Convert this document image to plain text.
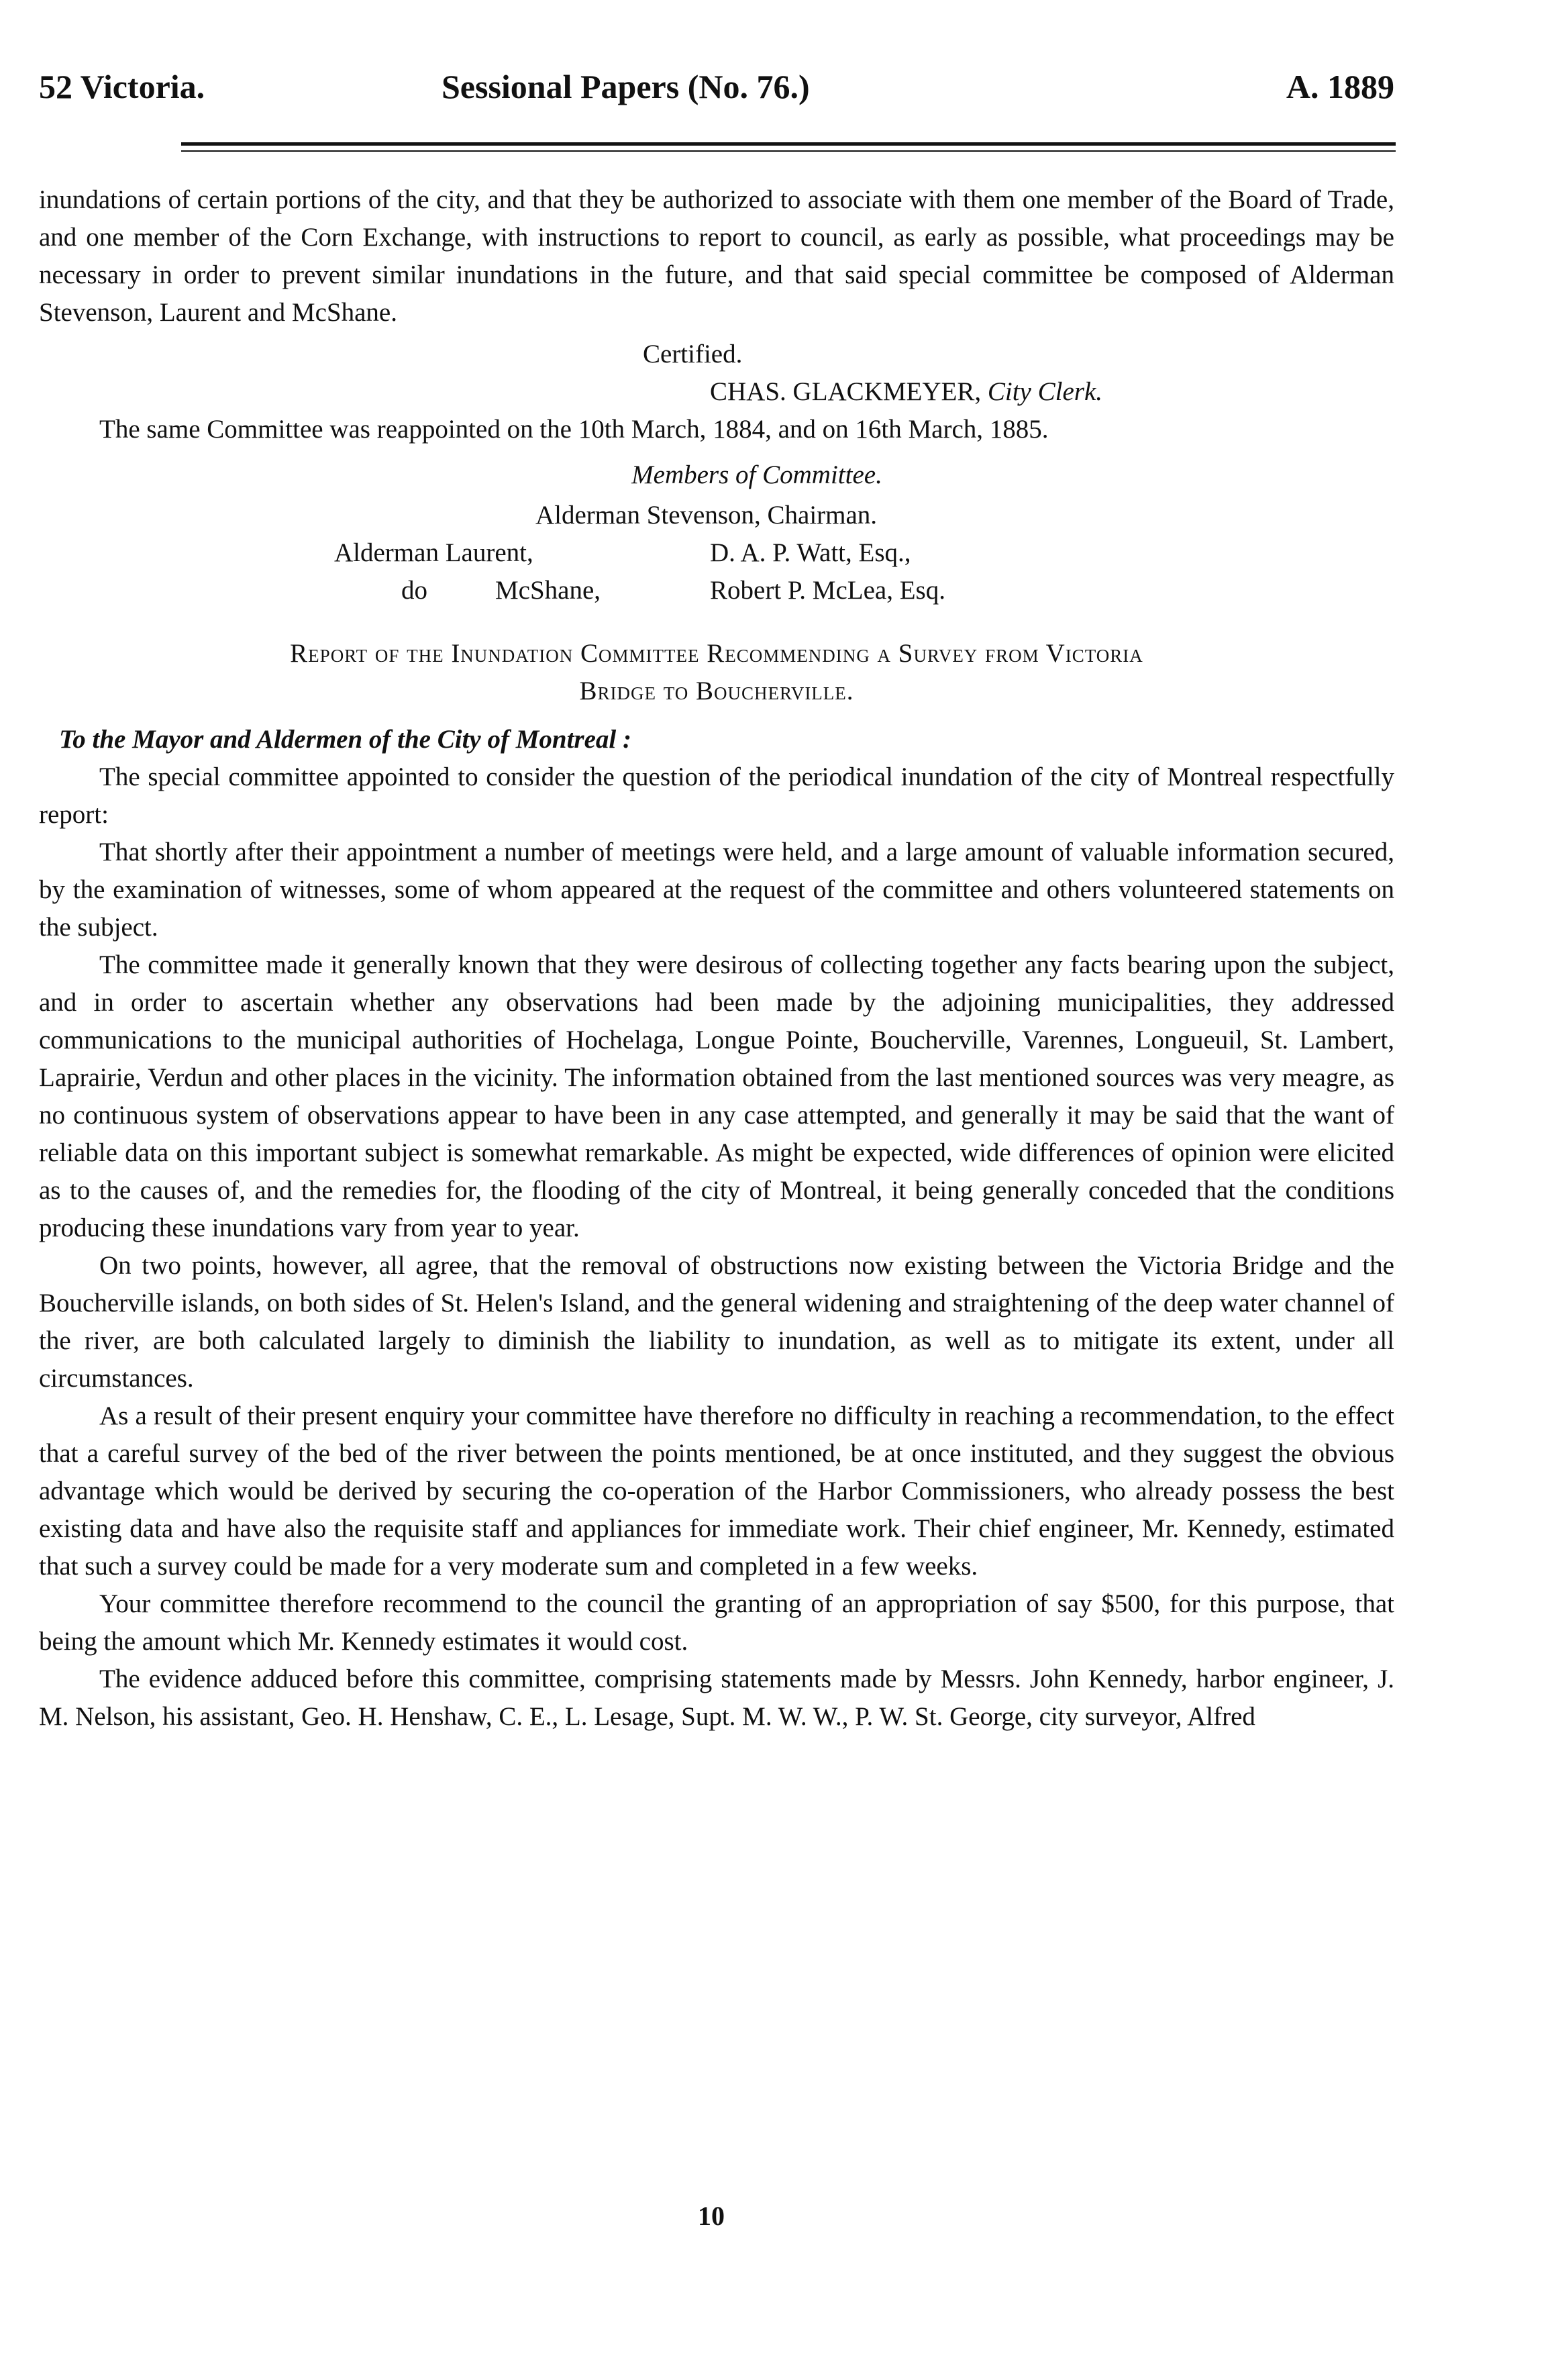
52 Victoria.	Sessional Papers (No. 76.)	A. 1889

inundations of certain portions of the city, and that they be authorized to associate with them one member of the Board of Trade, and one member of the Corn Exchange, with instructions to report to council, as early as possible, what proceedings may be necessary in order to prevent similar inundations in the future, and that said special committee be composed of Alderman Stevenson, Laurent and McShane.

Certified.

CHAS. GLACKMEYER, City Clerk.

The same Committee was reappointed on the 10th March, 1884, and on 16th March, 1885.

Members of Committee.

Alderman Stevenson, Chairman.
Alderman Laurent,	D. A. P. Watt, Esq.,
do	McShane,	Robert P. McLea, Esq.

Report of the Inundation Committee Recommending a Survey from Victoria
Bridge to Boucherville.

To the Mayor and Aldermen of the City of Montreal :

The special committee appointed to consider the question of the periodical inundation of the city of Montreal respectfully report:

That shortly after their appointment a number of meetings were held, and a large amount of valuable information secured, by the examination of witnesses, some of whom appeared at the request of the committee and others volunteered statements on the subject.

The committee made it generally known that they were desirous of collecting together any facts bearing upon the subject, and in order to ascertain whether any observations had been made by the adjoining municipalities, they addressed communications to the municipal authorities of Hochelaga, Longue Pointe, Boucherville, Varennes, Longueuil, St. Lambert, Laprairie, Verdun and other places in the vicinity. The information obtained from the last mentioned sources was very meagre, as no continuous system of observations appear to have been in any case attempted, and generally it may be said that the want of reliable data on this important subject is somewhat remarkable. As might be expected, wide differences of opinion were elicited as to the causes of, and the remedies for, the flooding of the city of Montreal, it being generally conceded that the conditions producing these inundations vary from year to year.

On two points, however, all agree, that the removal of obstructions now existing between the Victoria Bridge and the Boucherville islands, on both sides of St. Helen's Island, and the general widening and straightening of the deep water channel of the river, are both calculated largely to diminish the liability to inundation, as well as to mitigate its extent, under all circumstances.

As a result of their present enquiry your committee have therefore no difficulty in reaching a recommendation, to the effect that a careful survey of the bed of the river between the points mentioned, be at once instituted, and they suggest the obvious advantage which would be derived by securing the co-operation of the Harbor Commissioners, who already possess the best existing data and have also the requisite staff and appliances for immediate work. Their chief engineer, Mr. Kennedy, estimated that such a survey could be made for a very moderate sum and completed in a few weeks.

Your committee therefore recommend to the council the granting of an appropriation of say $500, for this purpose, that being the amount which Mr. Kennedy estimates it would cost.

The evidence adduced before this committee, comprising statements made by Messrs. John Kennedy, harbor engineer, J. M. Nelson, his assistant, Geo. H. Henshaw, C. E., L. Lesage, Supt. M. W. W., P. W. St. George, city surveyor, Alfred

10
